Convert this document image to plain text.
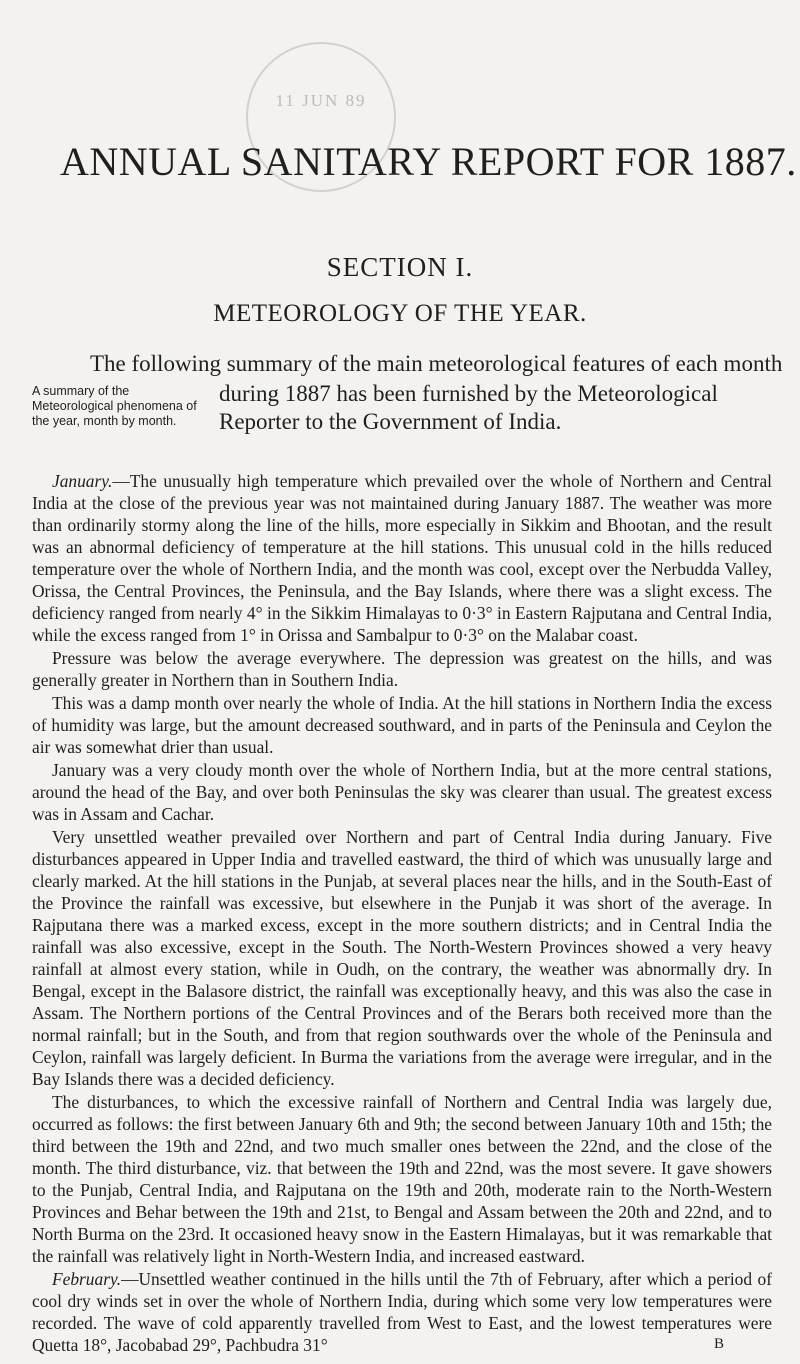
11 JUN 89
ANNUAL SANITARY REPORT FOR 1887.
SECTION I.
METEOROLOGY OF THE YEAR.

The following summary of the main meteorological features of each month

A summary of the Meteorological phenomena of the year, month by month.

during 1887 has been furnished by the Meteorological Reporter to the Government of India.

January.—The unusually high temperature which prevailed over the whole of Northern and Central India at the close of the previous year was not maintained during January 1887. The weather was more than ordinarily stormy along the line of the hills, more especially in Sikkim and Bhootan, and the result was an abnormal deficiency of temperature at the hill stations. This unusual cold in the hills reduced temperature over the whole of Northern India, and the month was cool, except over the Nerbudda Valley, Orissa, the Central Provinces, the Peninsula, and the Bay Islands, where there was a slight excess. The deficiency ranged from nearly 4° in the Sikkim Himalayas to 0·3° in Eastern Rajputana and Central India, while the excess ranged from 1° in Orissa and Sambalpur to 0·3° on the Malabar coast.

Pressure was below the average everywhere. The depression was greatest on the hills, and was generally greater in Northern than in Southern India.

This was a damp month over nearly the whole of India. At the hill stations in Northern India the excess of humidity was large, but the amount decreased southward, and in parts of the Peninsula and Ceylon the air was somewhat drier than usual.

January was a very cloudy month over the whole of Northern India, but at the more central stations, around the head of the Bay, and over both Peninsulas the sky was clearer than usual. The greatest excess was in Assam and Cachar.

Very unsettled weather prevailed over Northern and part of Central India during January. Five disturbances appeared in Upper India and travelled eastward, the third of which was unusually large and clearly marked. At the hill stations in the Punjab, at several places near the hills, and in the South-East of the Province the rainfall was excessive, but elsewhere in the Punjab it was short of the average. In Rajputana there was a marked excess, except in the more southern districts; and in Central India the rainfall was also excessive, except in the South. The North-Western Provinces showed a very heavy rainfall at almost every station, while in Oudh, on the contrary, the weather was abnormally dry. In Bengal, except in the Balasore district, the rainfall was exceptionally heavy, and this was also the case in Assam. The Northern portions of the Central Provinces and of the Berars both received more than the normal rainfall; but in the South, and from that region southwards over the whole of the Peninsula and Ceylon, rainfall was largely deficient. In Burma the variations from the average were irregular, and in the Bay Islands there was a decided deficiency.

The disturbances, to which the excessive rainfall of Northern and Central India was largely due, occurred as follows: the first between January 6th and 9th; the second between January 10th and 15th; the third between the 19th and 22nd, and two much smaller ones between the 22nd, and the close of the month. The third disturbance, viz. that between the 19th and 22nd, was the most severe. It gave showers to the Punjab, Central India, and Rajputana on the 19th and 20th, moderate rain to the North-Western Provinces and Behar between the 19th and 21st, to Bengal and Assam between the 20th and 22nd, and to North Burma on the 23rd. It occasioned heavy snow in the Eastern Himalayas, but it was remarkable that the rainfall was relatively light in North-Western India, and increased eastward.

February.—Unsettled weather continued in the hills until the 7th of February, after which a period of cool dry winds set in over the whole of Northern India, during which some very low temperatures were recorded. The wave of cold apparently travelled from West to East, and the lowest temperatures were Quetta 18°, Jacobabad 29°, Pachbudra 31°	B
